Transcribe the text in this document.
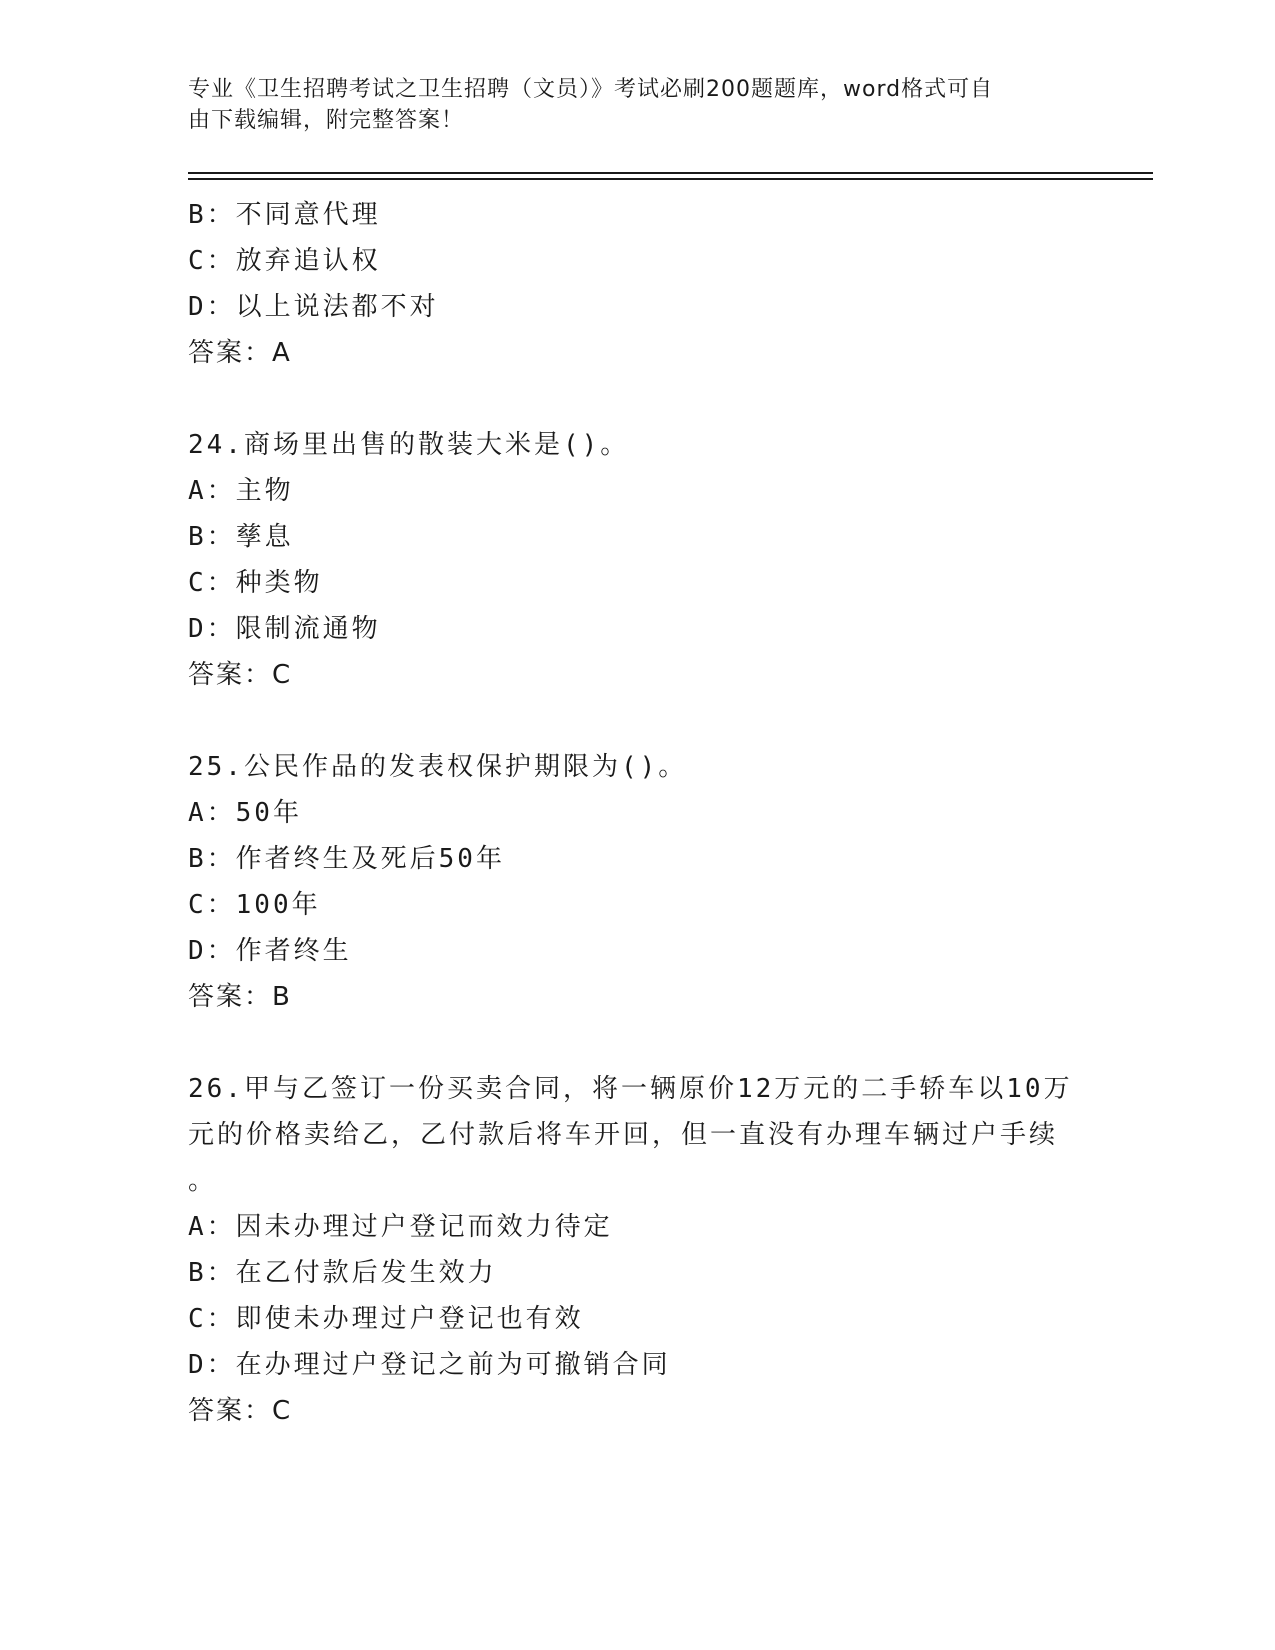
专业《卫生招聘考试之卫生招聘（文员）》考试必刷200题题库，word格式可自
由下载编辑，附完整答案！
B：不同意代理
C：放弃追认权
D：以上说法都不对
答案：A
24.商场里出售的散装大米是()。
A：主物
B：孳息
C：种类物
D：限制流通物
答案：C
25.公民作品的发表权保护期限为()。
A：50年
B：作者终生及死后50年
C：100年
D：作者终生
答案：B
26.甲与乙签订一份买卖合同，将一辆原价12万元的二手轿车以10万
元的价格卖给乙，乙付款后将车开回，但一直没有办理车辆过户手续
。
A：因未办理过户登记而效力待定
B：在乙付款后发生效力
C：即使未办理过户登记也有效
D：在办理过户登记之前为可撤销合同
答案：C
